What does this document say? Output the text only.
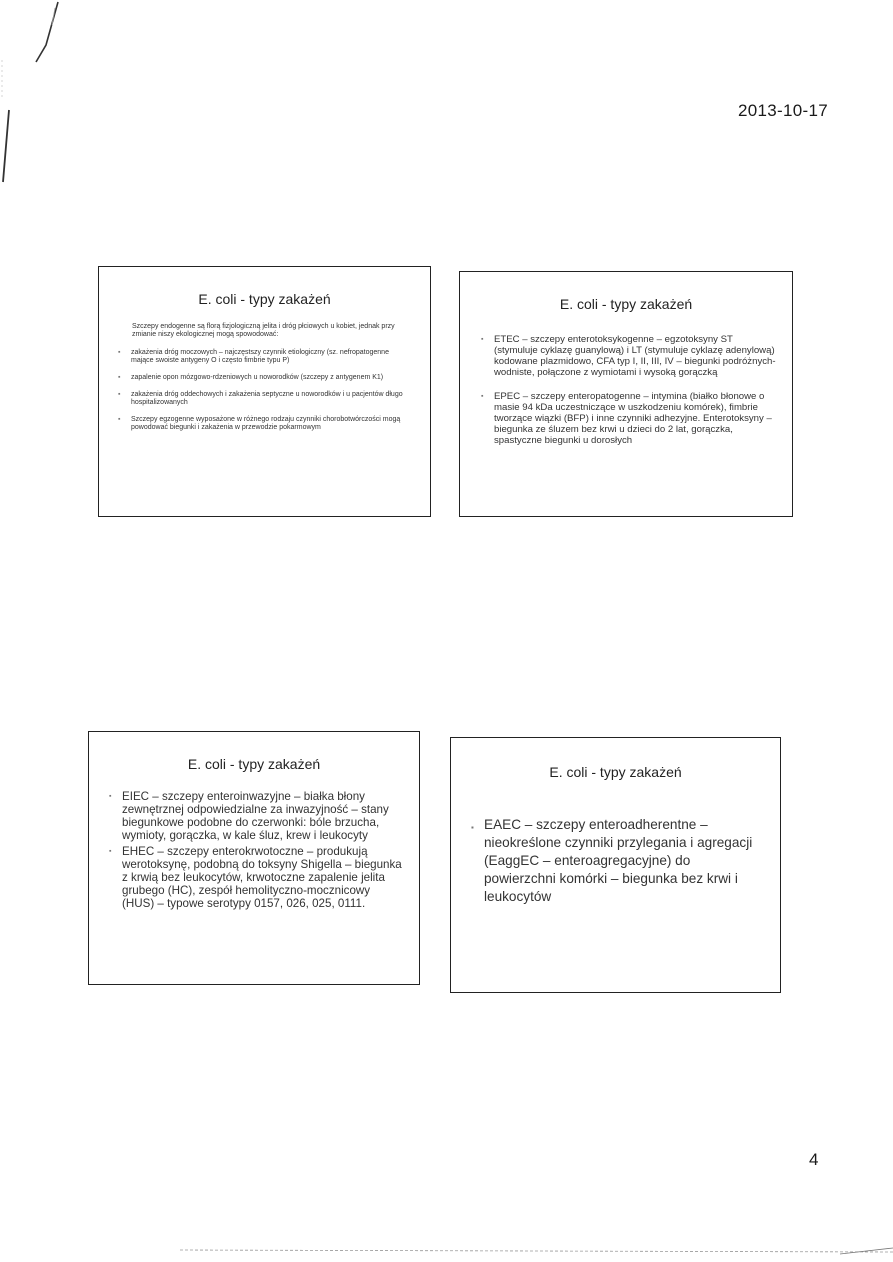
2013-10-17
E. coli - typy zakażeń
Szczepy endogenne są florą fizjologiczną jelita i dróg płciowych u kobiet, jednak przy zmianie niszy ekologicznej mogą spowodować:
▪ zakażenia dróg moczowych – najczęstszy czynnik etiologiczny (sz. nefropatogenne mające swoiste antygeny O i często fimbrie typu P)
▪ zapalenie opon mózgowo-rdzeniowych u noworodków (szczepy z antygenem K1)
▪ zakażenia dróg oddechowych i zakażenia septyczne u noworodków i u pacjentów długo hospitalizowanych
▪ Szczepy egzogenne wyposażone w różnego rodzaju czynniki chorobotwórczości mogą powodować biegunki i zakażenia w przewodzie pokarmowym
E. coli - typy zakażeń
▪ ETEC – szczepy enterotoksykogenne – egzotoksyny ST (stymuluje cyklazę guanylową) i LT (stymuluje cyklazę adenylową) kodowane plazmidowo, CFA typ I, II, III, IV – biegunki podróżnych- wodniste, połączone z wymiotami i wysoką gorączką
▪ EPEC – szczepy enteropatogenne – intymina (białko błonowe o masie 94 kDa uczestniczące w uszkodzeniu komórek), fimbrie tworzące wiązki (BFP) i inne czynniki adhezyjne. Enterotoksyny – biegunka ze śluzem bez krwi u dzieci do 2 lat, gorączka, spastyczne biegunki u dorosłych
E. coli - typy zakażeń
▪ EIEC – szczepy enteroinwazyjne – białka błony zewnętrznej odpowiedzialne za inwazyjność – stany biegunkowe podobne do czerwonki: bóle brzucha, wymioty, gorączka, w kale śluz, krew i leukocyty
▪ EHEC – szczepy enterokrwotoczne – produkują werotoksynę, podobną do toksyny Shigella – biegunka z krwią bez leukocytów, krwotoczne zapalenie jelita grubego (HC), zespół hemolityczno-mocznicowy (HUS) – typowe serotypy 0157, 026, 025, 0111.
E. coli - typy zakażeń
▪ EAEC – szczepy enteroadherentne – nieokreślone czynniki przylegania i agregacji (EaggEC – enteroagregacyjne) do powierzchni komórki – biegunka bez krwi i leukocytów
4
